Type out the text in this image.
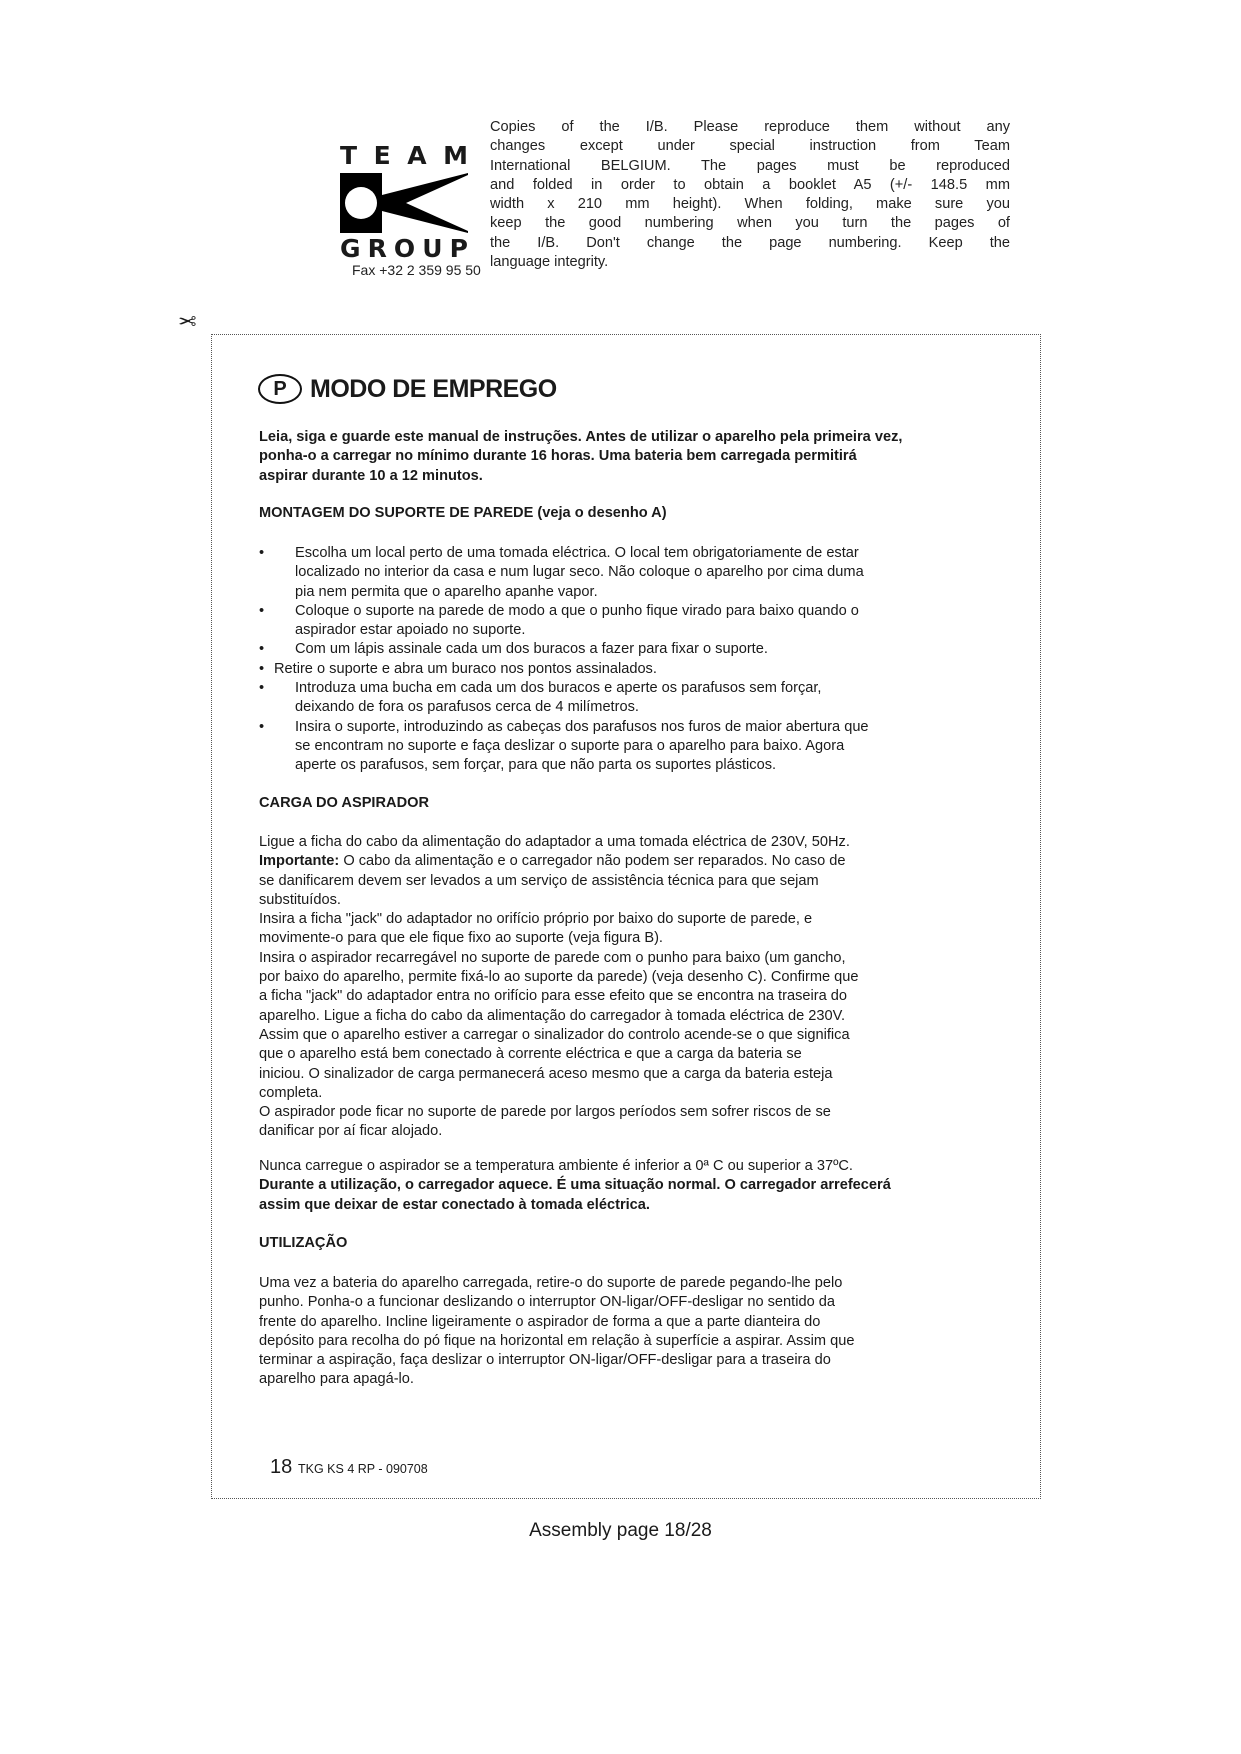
T E A M
G R O U P
Fax +32 2 359 95 50
Copies of the I/B. Please reproduce them without any
changes except under special instruction from Team
International BELGIUM. The pages must be reproduced
and folded in order to obtain a booklet A5 (+/- 148.5 mm
width x 210 mm height). When folding, make sure you
keep the good numbering when you turn the pages of
the I/B. Don't change the page numbering. Keep the
language integrity.
✂
P MODO DE EMPREGO
Leia, siga e guarde este manual de instruções. Antes de utilizar o aparelho pela primeira vez,
ponha-o a carregar no mínimo durante 16 horas. Uma bateria bem carregada permitirá
aspirar durante 10 a 12 minutos.
MONTAGEM DO SUPORTE DE PAREDE (veja o desenho A)
• Escolha um local perto de uma tomada eléctrica. O local tem obrigatoriamente de estar
localizado no interior da casa e num lugar seco. Não coloque o aparelho por cima duma
pia nem permita que o aparelho apanhe vapor.
• Coloque o suporte na parede de modo a que o punho fique virado para baixo quando o
aspirador estar apoiado no suporte.
• Com um lápis assinale cada um dos buracos a fazer para fixar o suporte.
• Retire o suporte e abra um buraco nos pontos assinalados.
• Introduza uma bucha em cada um dos buracos e aperte os parafusos sem forçar,
deixando de fora os parafusos cerca de 4 milímetros.
• Insira o suporte, introduzindo as cabeças dos parafusos nos furos de maior abertura que
se encontram no suporte e faça deslizar o suporte para o aparelho para baixo. Agora
aperte os parafusos, sem forçar, para que não parta os suportes plásticos.
CARGA DO ASPIRADOR
Ligue a ficha do cabo da alimentação do adaptador a uma tomada eléctrica de 230V, 50Hz.
Importante: O cabo da alimentação e o carregador não podem ser reparados. No caso de
se danificarem devem ser levados a um serviço de assistência técnica para que sejam
substituídos.
Insira a ficha "jack" do adaptador no orifício próprio por baixo do suporte de parede, e
movimente-o para que ele fique fixo ao suporte (veja figura B).
Insira o aspirador recarregável no suporte de parede com o punho para baixo (um gancho,
por baixo do aparelho, permite fixá-lo ao suporte da parede) (veja desenho C). Confirme que
a ficha "jack" do adaptador entra no orifício para esse efeito que se encontra na traseira do
aparelho. Ligue a ficha do cabo da alimentação do carregador à tomada eléctrica de 230V.
Assim que o aparelho estiver a carregar o sinalizador do controlo acende-se o que significa
que o aparelho está bem conectado à corrente eléctrica e que a carga da bateria se
iniciou. O sinalizador de carga permanecerá aceso mesmo que a carga da bateria esteja
completa.
O aspirador pode ficar no suporte de parede por largos períodos sem sofrer riscos de se
danificar por aí ficar alojado.
Nunca carregue o aspirador se a temperatura ambiente é inferior a 0ª C ou superior a 37ºC.
Durante a utilização, o carregador aquece. É uma situação normal. O carregador arrefecerá
assim que deixar de estar conectado à tomada eléctrica.
UTILIZAÇÃO
Uma vez a bateria do aparelho carregada, retire-o do suporte de parede pegando-lhe pelo
punho. Ponha-o a funcionar deslizando o interruptor ON-ligar/OFF-desligar no sentido da
frente do aparelho. Incline ligeiramente o aspirador de forma a que a parte dianteira do
depósito para recolha do pó fique na horizontal em relação à superfície a aspirar. Assim que
terminar a aspiração, faça deslizar o interruptor ON-ligar/OFF-desligar para a traseira do
aparelho para apagá-lo.
18 TKG KS 4 RP - 090708
Assembly page 18/28
